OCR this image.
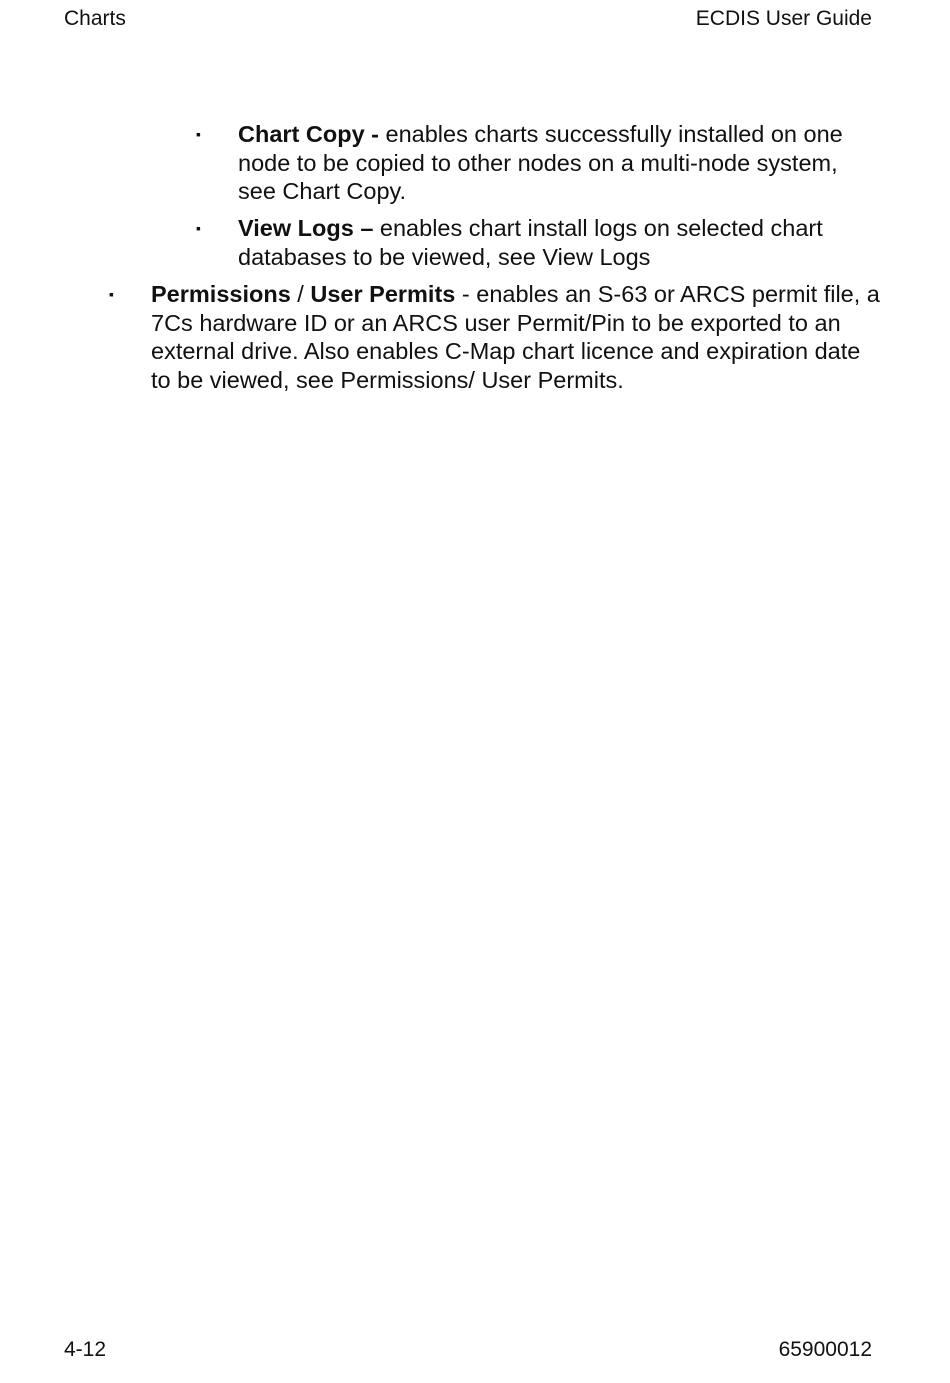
Charts	ECDIS User Guide
▪ Chart Copy - enables charts successfully installed on one node to be copied to other nodes on a multi-node system, see Chart Copy.
▪ View Logs – enables chart install logs on selected chart databases to be viewed, see View Logs
▪ Permissions / User Permits - enables an S-63 or ARCS permit file, a 7Cs hardware ID or an ARCS user Permit/Pin to be exported to an external drive. Also enables C-Map chart licence and expiration date to be viewed, see Permissions/ User Permits.
4-12	65900012
